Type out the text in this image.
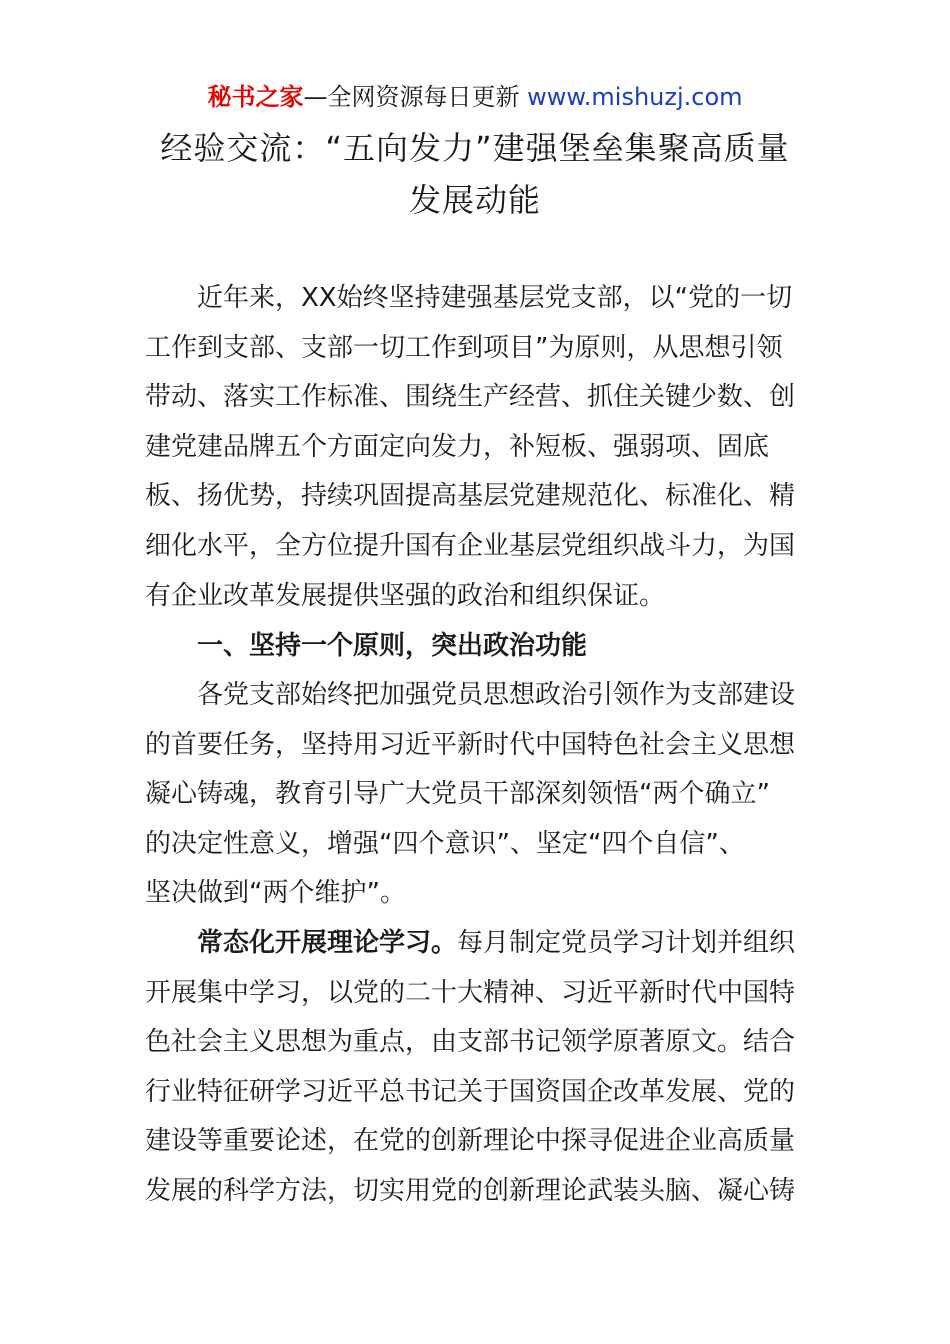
秘书之家—全网资源每日更新 www.mishuzj.com
经验交流：“五向发力”建强堡垒集聚高质量
发展动能
近年来，XX始终坚持建强基层党支部，以“党的一切
工作到支部、支部一切工作到项目”为原则，从思想引领
带动、落实工作标准、围绕生产经营、抓住关键少数、创
建党建品牌五个方面定向发力，补短板、强弱项、固底
板、扬优势，持续巩固提高基层党建规范化、标准化、精
细化水平，全方位提升国有企业基层党组织战斗力，为国
有企业改革发展提供坚强的政治和组织保证。
一、坚持一个原则，突出政治功能
各党支部始终把加强党员思想政治引领作为支部建设
的首要任务，坚持用习近平新时代中国特色社会主义思想
凝心铸魂，教育引导广大党员干部深刻领悟“两个确立”
的决定性意义，增强“四个意识”、坚定“四个自信”、
坚决做到“两个维护”。
常态化开展理论学习。每月制定党员学习计划并组织
开展集中学习，以党的二十大精神、习近平新时代中国特
色社会主义思想为重点，由支部书记领学原著原文。结合
行业特征研学习近平总书记关于国资国企改革发展、党的
建设等重要论述，在党的创新理论中探寻促进企业高质量
发展的科学方法，切实用党的创新理论武装头脑、凝心铸
